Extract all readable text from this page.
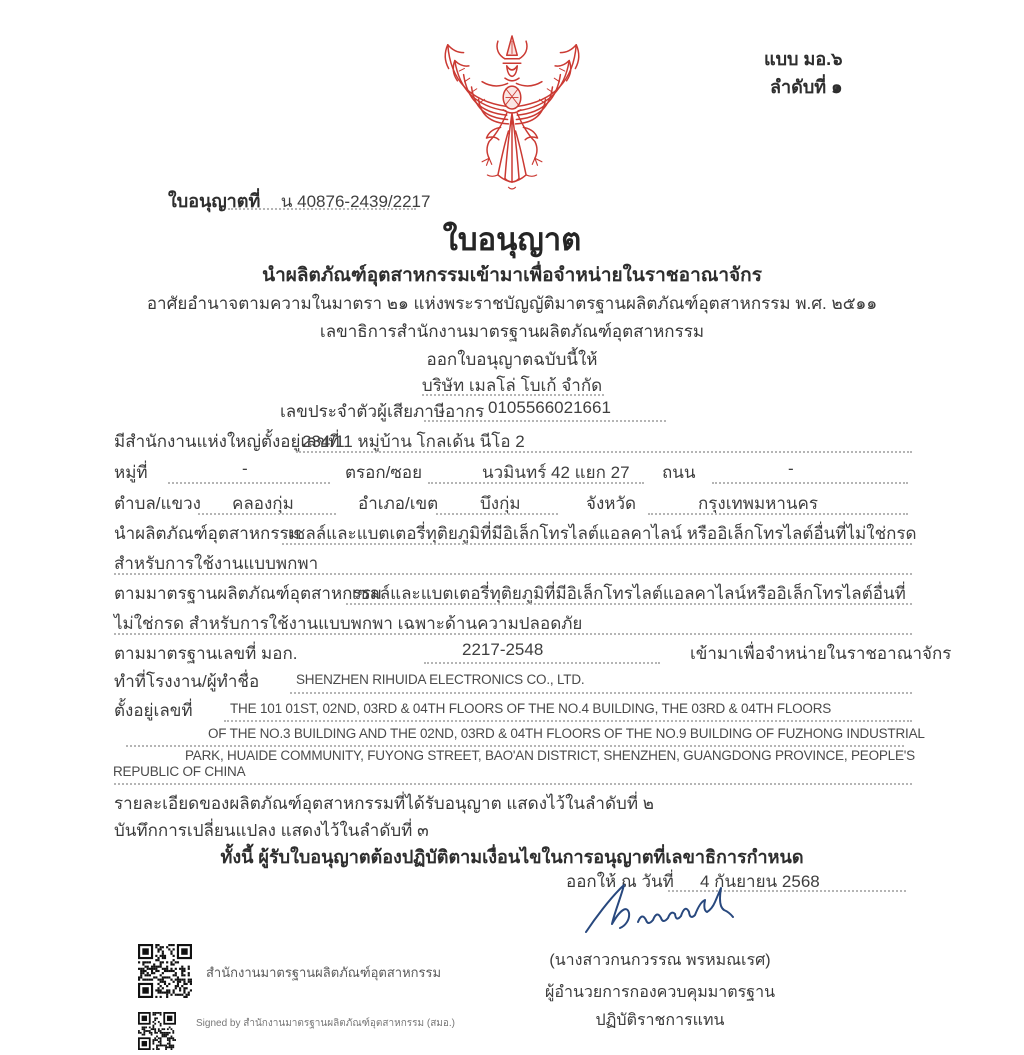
แบบ มอ.๖
ลำดับที่ ๑
ใบอนุญาตที่ น 40876-2439/2217
ใบอนุญาต
นำผลิตภัณฑ์อุตสาหกรรมเข้ามาเพื่อจำหน่ายในราชอาณาจักร
อาศัยอำนาจตามความในมาตรา ๒๑ แห่งพระราชบัญญัติมาตรฐานผลิตภัณฑ์อุตสาหกรรม พ.ศ. ๒๕๑๑
เลขาธิการสำนักงานมาตรฐานผลิตภัณฑ์อุตสาหกรรม
ออกใบอนุญาตฉบับนี้ให้
บริษัท เมลโล่ โบเก้ จำกัด
เลขประจำตัวผู้เสียภาษีอากร 0105566021661
มีสำนักงานแห่งใหญ่ตั้งอยู่เลขที่
234/11 หมู่บ้าน โกลเด้น นีโอ 2
หมู่ที่	-	ตรอก/ซอย	นวมินทร์ 42 แยก 27 ถนน	-
ตำบล/แขวง คลองกุ่ม	อำเภอ/เขต บึงกุ่ม	จังหวัด	กรุงเทพมหานคร
นำผลิตภัณฑ์อุตสาหกรรม
เซลล์และแบตเตอรี่ทุติยภูมิที่มีอิเล็กโทรไลต์แอลคาไลน์ หรืออิเล็กโทรไลต์อื่นที่ไม่ใช่กรด
สำหรับการใช้งานแบบพกพา
ตามมาตรฐานผลิตภัณฑ์อุตสาหกรรม
เซลล์และแบตเตอรี่ทุติยภูมิที่มีอิเล็กโทรไลต์แอลคาไลน์หรืออิเล็กโทรไลต์อื่นที่
ไม่ใช่กรด สำหรับการใช้งานแบบพกพา เฉพาะด้านความปลอดภัย
ตามมาตรฐานเลขที่ มอก.	2217-2548	เข้ามาเพื่อจำหน่ายในราชอาณาจักร
ทำที่โรงงาน/ผู้ทำชื่อ	SHENZHEN RIHUIDA ELECTRONICS CO., LTD.
ตั้งอยู่เลขที่	THE 101 01ST, 02ND, 03RD & 04TH FLOORS OF THE NO.4 BUILDING, THE 03RD & 04TH FLOORS
OF THE NO.3 BUILDING AND THE 02ND, 03RD & 04TH FLOORS OF THE NO.9 BUILDING OF FUZHONG INDUSTRIAL
PARK, HUAIDE COMMUNITY, FUYONG STREET, BAO'AN DISTRICT, SHENZHEN, GUANGDONG PROVINCE, PEOPLE'S
REPUBLIC OF CHINA
รายละเอียดของผลิตภัณฑ์อุตสาหกรรมที่ได้รับอนุญาต แสดงไว้ในลำดับที่ ๒
บันทึกการเปลี่ยนแปลง แสดงไว้ในลำดับที่ ๓
ทั้งนี้ ผู้รับใบอนุญาตต้องปฏิบัติตามเงื่อนไขในการอนุญาตที่เลขาธิการกำหนด
ออกให้ ณ วันที่ 4 กันยายน 2568
(นางสาวกนกวรรณ พรหมณเรศ)
ผู้อำนวยการกองควบคุมมาตรฐาน
ปฏิบัติราชการแทน
สำนักงานมาตรฐานผลิตภัณฑ์อุตสาหกรรม
Signed by สำนักงานมาตรฐานผลิตภัณฑ์อุตสาหกรรม (สมอ.)
